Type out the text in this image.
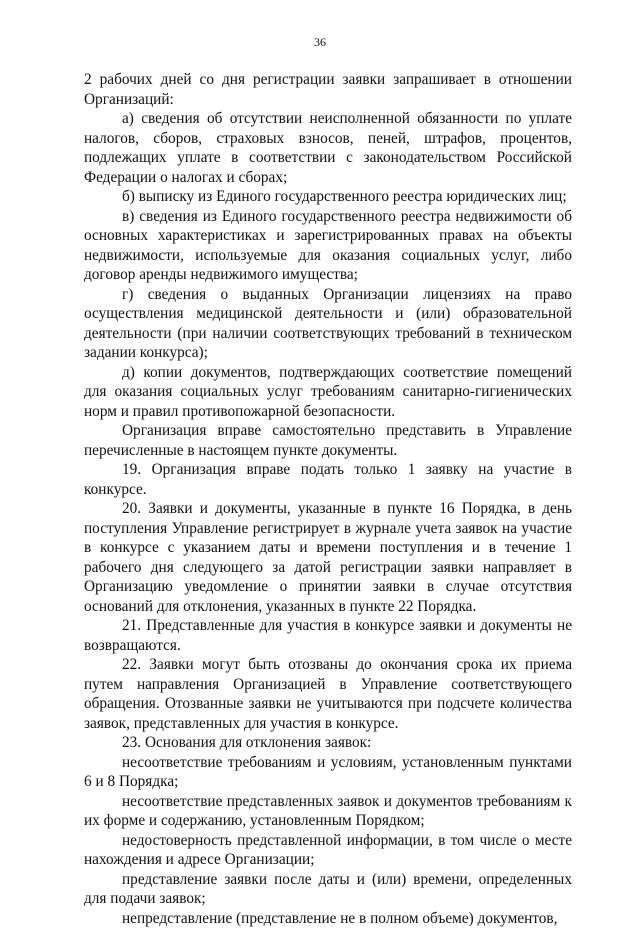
36

2 рабочих дней со дня регистрации заявки запрашивает в отношении Организаций:

а) сведения об отсутствии неисполненной обязанности по уплате налогов, сборов, страховых взносов, пеней, штрафов, процентов, подлежащих уплате в соответствии с законодательством Российской Федерации о налогах и сборах;

б) выписку из Единого государственного реестра юридических лиц;

в) сведения из Единого государственного реестра недвижимости об основных характеристиках и зарегистрированных правах на объекты недвижимости, используемые для оказания социальных услуг, либо договор аренды недвижимого имущества;

г) сведения о выданных Организации лицензиях на право осуществления медицинской деятельности и (или) образовательной деятельности (при наличии соответствующих требований в техническом задании конкурса);

д) копии документов, подтверждающих соответствие помещений для оказания социальных услуг требованиям санитарно-гигиенических норм и правил противопожарной безопасности.

Организация вправе самостоятельно представить в Управление перечисленные в настоящем пункте документы.

19. Организация вправе подать только 1 заявку на участие в конкурсе.

20. Заявки и документы, указанные в пункте 16 Порядка, в день поступления Управление регистрирует в журнале учета заявок на участие в конкурсе с указанием даты и времени поступления и в течение 1 рабочего дня следующего за датой регистрации заявки направляет в Организацию уведомление о принятии заявки в случае отсутствия оснований для отклонения, указанных в пункте 22 Порядка.

21. Представленные для участия в конкурсе заявки и документы не возвращаются.

22. Заявки могут быть отозваны до окончания срока их приема путем направления Организацией в Управление соответствующего обращения. Отозванные заявки не учитываются при подсчете количества заявок, представленных для участия в конкурсе.

23. Основания для отклонения заявок:

несоответствие требованиям и условиям, установленным пунктами 6 и 8 Порядка;

несоответствие представленных заявок и документов требованиям к их форме и содержанию, установленным Порядком;

недостоверность представленной информации, в том числе о месте нахождения и адресе Организации;

представление заявки после даты и (или) времени, определенных для подачи заявок;

непредставление (представление не в полном объеме) документов,
